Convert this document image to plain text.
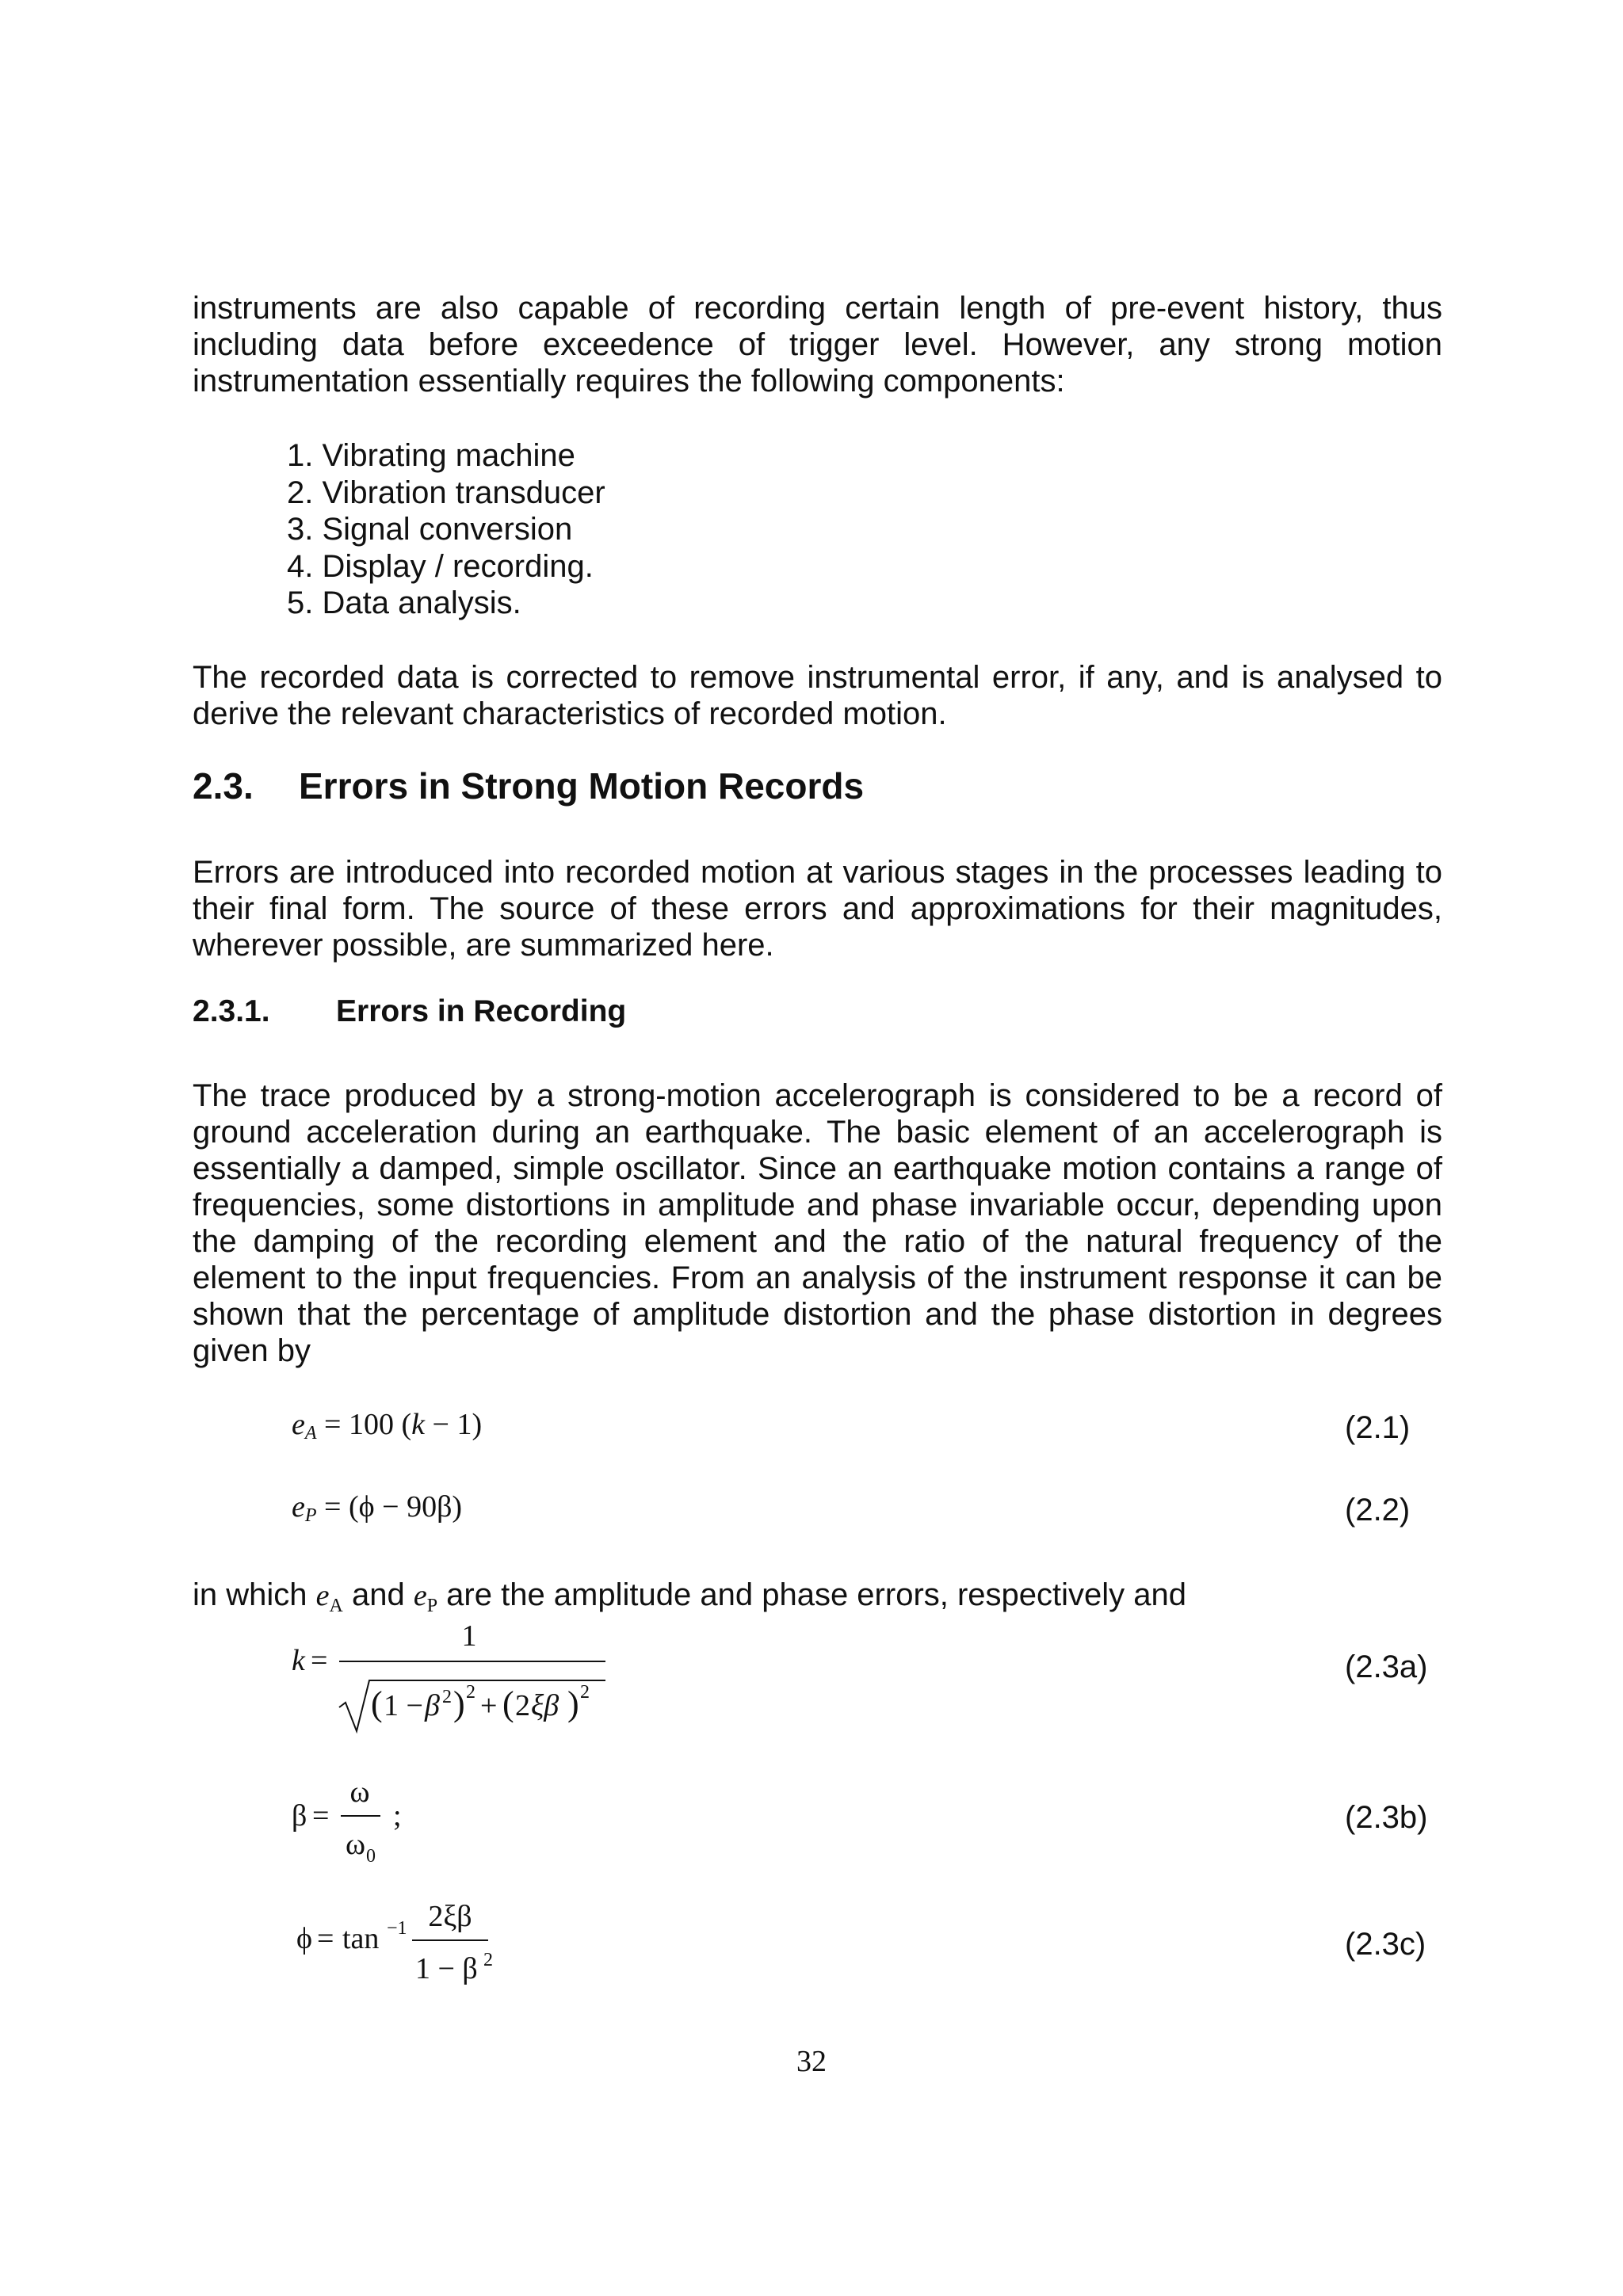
instruments are also capable of recording certain length of pre-event history, thus including data before exceedence of trigger level. However, any strong motion instrumentation essentially requires the following components:
1. Vibrating machine
2. Vibration transducer
3. Signal conversion
4. Display / recording.
5. Data analysis.
The recorded data is corrected to remove instrumental error, if any, and is analysed to derive the relevant characteristics of recorded motion.
2.3. Errors in Strong Motion Records
Errors are introduced into recorded motion at various stages in the processes leading to their final form. The source of these errors and approximations for their magnitudes, wherever possible, are summarized here.
2.3.1. Errors in Recording
The trace produced by a strong-motion accelerograph is considered to be a record of ground acceleration during an earthquake. The basic element of an accelerograph is essentially a damped, simple oscillator. Since an earthquake motion contains a range of frequencies, some distortions in amplitude and phase invariable occur, depending upon the damping of the recording element and the ratio of the natural frequency of the element to the input frequencies. From an analysis of the instrument response it can be shown that the percentage of amplitude distortion and the phase distortion in degrees given by
$e_A = 100$ (k − 1)	(2.1)
$e_P = (\phi - 90\beta)$	(2.2)
in which $e_A$ and $e_P$ are the amplitude and phase errors, respectively and
k =
1
( 1 − β 2 ) 2 + ( 2 ξβ ) 2
(2.3a)
β =
ω
ω 0
;	(2.3b)
ϕ = tan −1 2ξβ
1 − β 2	(2.3c)
32
